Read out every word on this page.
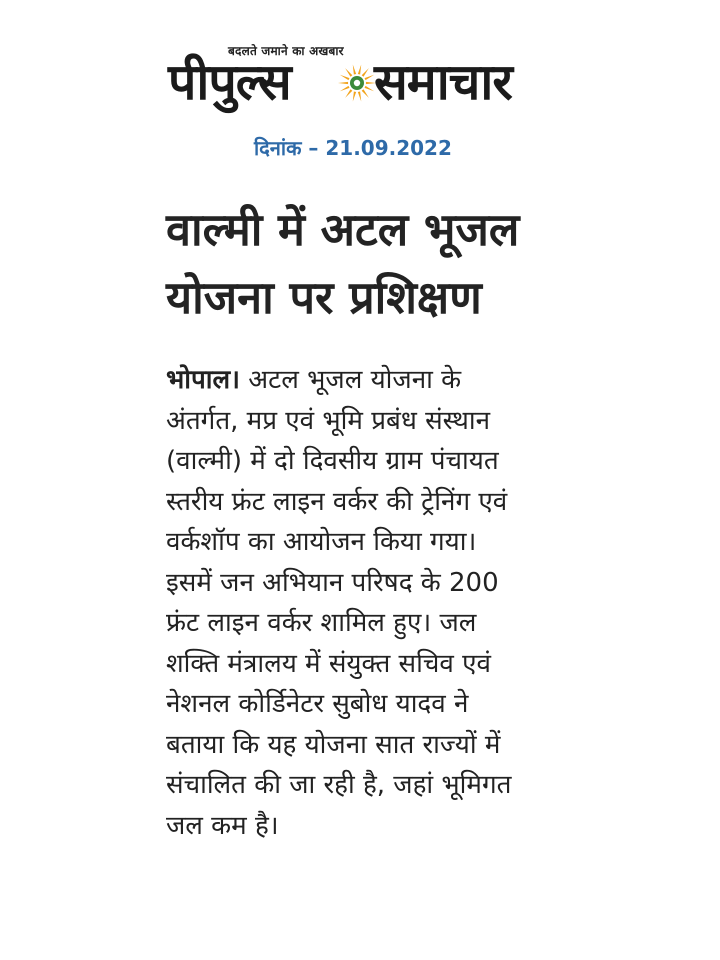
बदलते जमाने का अखबार
पीपुल्स समाचार
दिनांक – 21.09.2022
वाल्मी में अटल भूजल
योजना पर प्रशिक्षण
भोपाल। अटल भूजल योजना के
अंतर्गत, मप्र एवं भूमि प्रबंध संस्थान
(वाल्मी) में दो दिवसीय ग्राम पंचायत
स्तरीय फ्रंट लाइन वर्कर की ट्रेनिंग एवं
वर्कशॉप का आयोजन किया गया।
इसमें जन अभियान परिषद के 200
फ्रंट लाइन वर्कर शामिल हुए। जल
शक्ति मंत्रालय में संयुक्त सचिव एवं
नेशनल कोर्डिनेटर सुबोध यादव ने
बताया कि यह योजना सात राज्यों में
संचालित की जा रही है, जहां भूमिगत
जल कम है।
